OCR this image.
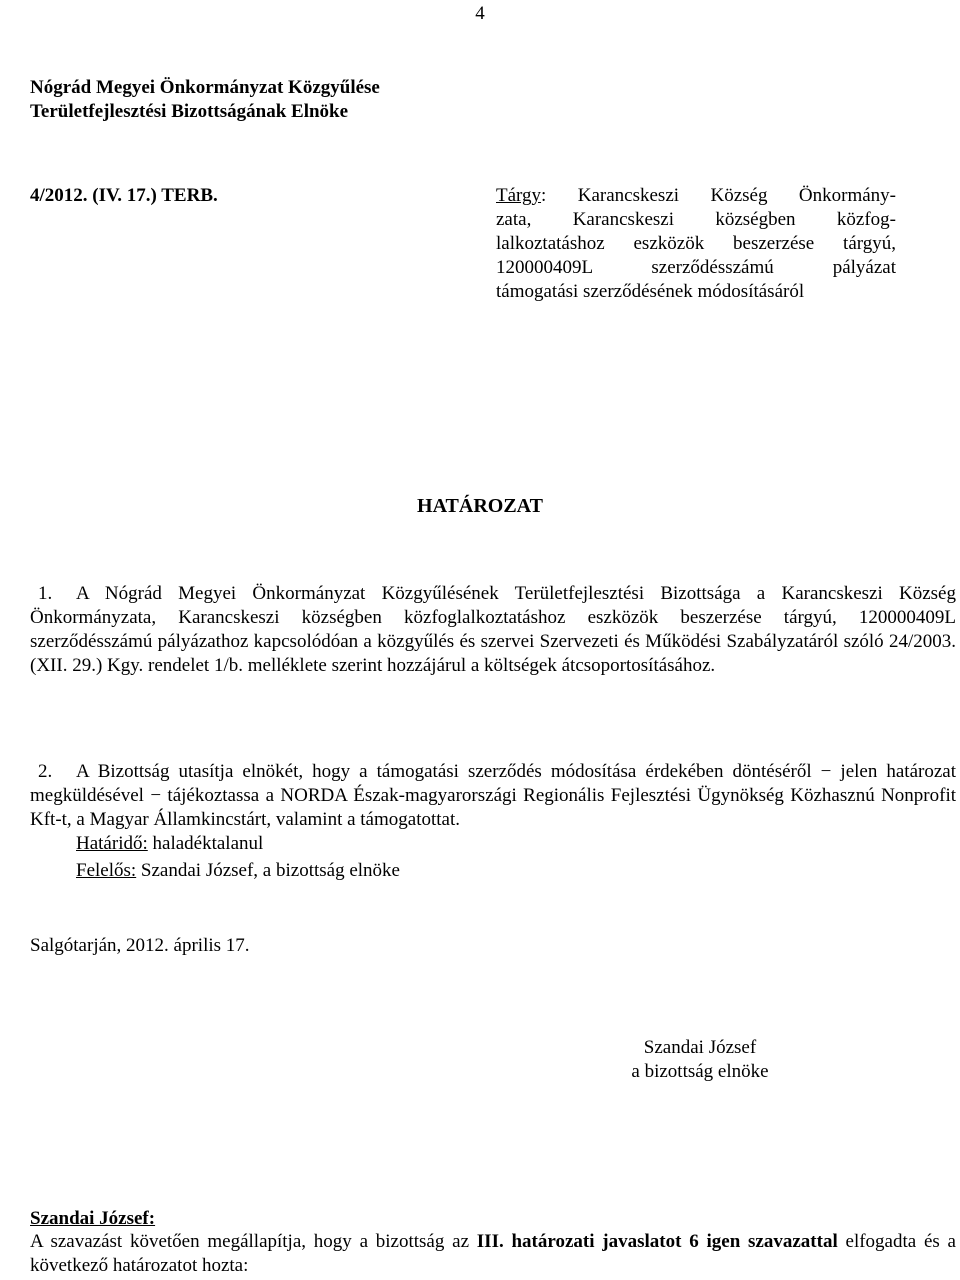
4
Nógrád Megyei Önkormányzat Közgyűlése
Területfejlesztési Bizottságának Elnöke
4/2012. (IV. 17.) TERB.	Tárgy: Karancskeszi Község Önkormány-
zata, Karancskeszi községben közfog-
lalkoztatáshoz eszközök beszerzése tárgyú,
120000409L szerződésszámú pályázat
támogatási szerződésének módosításáról
HATÁROZAT
1.	A Nógrád Megyei Önkormányzat Közgyűlésének Területfejlesztési Bizottsága a Karancskeszi Község Önkormányzata, Karancskeszi községben közfoglalkoztatáshoz eszközök beszerzése tárgyú, 120000409L szerződésszámú pályázathoz kapcsolódóan a közgyűlés és szervei Szervezeti és Működési Szabályzatáról szóló 24/2003. (XII. 29.) Kgy. rendelet 1/b. melléklete szerint hozzájárul a költségek átcsoportosításához.
2.	A Bizottság utasítja elnökét, hogy a támogatási szerződés módosítása érdekében döntéséről − jelen határozat megküldésével − tájékoztassa a NORDA Észak-magyarországi Regionális Fejlesztési Ügynökség Közhasznú Nonprofit Kft-t, a Magyar Államkincstárt, valamint a támogatottat.
Határidő: haladéktalanul
Felelős: Szandai József, a bizottság elnöke
Salgótarján, 2012. április 17.
Szandai József
a bizottság elnöke
Szandai József:
A szavazást követően megállapítja, hogy a bizottság az III. határozati javaslatot 6 igen szavazattal elfogadta és a következő határozatot hozta:
